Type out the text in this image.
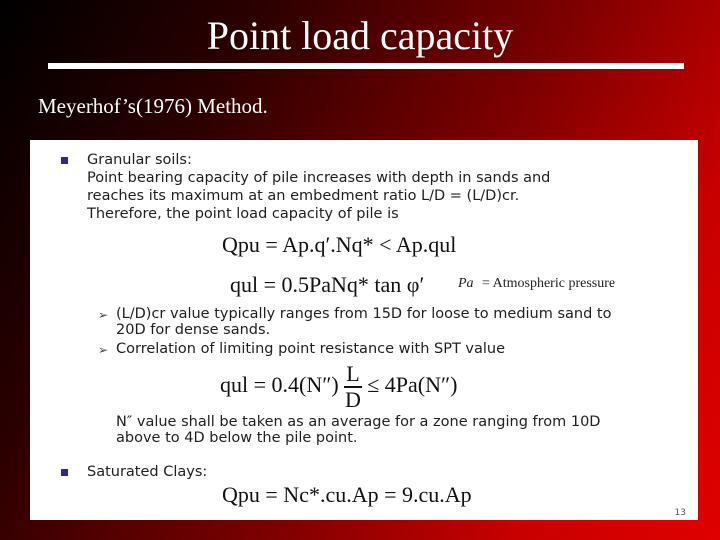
Point load capacity
Meyerhof’s(1976) Method.
Granular soils:
Point bearing capacity of pile increases with depth in sands and
reaches its maximum at an embedment ratio L/D = (L/D)cr.
Therefore, the point load capacity of pile is
Qpu = Ap.q′.Nq* < Ap.qul
qul = 0.5PaNq* tan φ′ Pa = Atmospheric pressure
➢ (L/D)cr value typically ranges from 15D for loose to medium sand to
20D for dense sands.
➢ Correlation of limiting point resistance with SPT value
qul = $0.4(N'') \frac{L}{D} \le 4Pa(N'')$
N″ value shall be taken as an average for a zone ranging from 10D
above to 4D below the pile point.
Saturated Clays:
Qpu = Nc*.cu.Ap = 9.cu.Ap
13
